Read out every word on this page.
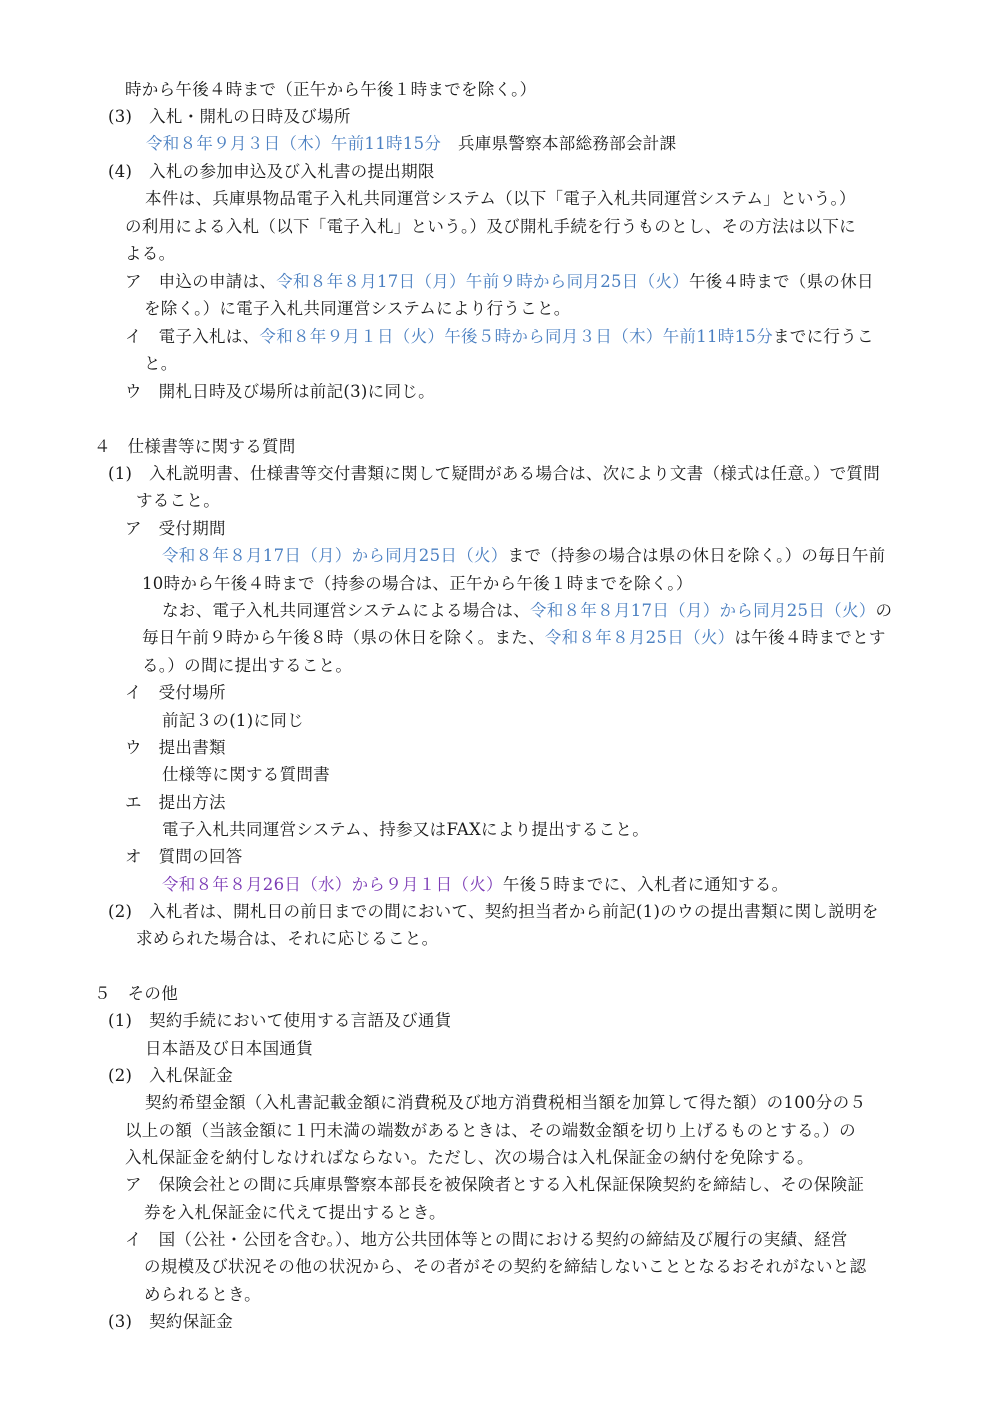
時から午後４時まで（正午から午後１時までを除く。）
(3)　入札・開札の日時及び場所
令和８年９月３日（木）午前11時15分　兵庫県警察本部総務部会計課
(4)　入札の参加申込及び入札書の提出期限
本件は、兵庫県物品電子入札共同運営システム（以下「電子入札共同運営システム」という。）
の利用による入札（以下「電子入札」という。）及び開札手続を行うものとし、その方法は以下に
よる。
ア　申込の申請は、令和８年８月17日（月）午前９時から同月25日（火）午後４時まで（県の休日
を除く。）に電子入札共同運営システムにより行うこと。
イ　電子入札は、令和８年９月１日（火）午後５時から同月３日（木）午前11時15分までに行うこ
と。
ウ　開札日時及び場所は前記(3)に同じ。
４　仕様書等に関する質問
(1)　入札説明書、仕様書等交付書類に関して疑問がある場合は、次により文書（様式は任意。）で質問
すること。
ア　受付期間
令和８年８月17日（月）から同月25日（火）まで（持参の場合は県の休日を除く。）の毎日午前
10時から午後４時まで（持参の場合は、正午から午後１時までを除く。）
なお、電子入札共同運営システムによる場合は、令和８年８月17日（月）から同月25日（火）の
毎日午前９時から午後８時（県の休日を除く。また、令和８年８月25日（火）は午後４時までとす
る。）の間に提出すること。
イ　受付場所
前記３の(1)に同じ
ウ　提出書類
仕様等に関する質問書
エ　提出方法
電子入札共同運営システム、持参又はFAXにより提出すること。
オ　質問の回答
令和８年８月26日（水）から９月１日（火）午後５時までに、入札者に通知する。
(2)　入札者は、開札日の前日までの間において、契約担当者から前記(1)のウの提出書類に関し説明を
求められた場合は、それに応じること。
５　その他
(1)　契約手続において使用する言語及び通貨
日本語及び日本国通貨
(2)　入札保証金
契約希望金額（入札書記載金額に消費税及び地方消費税相当額を加算して得た額）の100分の５
以上の額（当該金額に１円未満の端数があるときは、その端数金額を切り上げるものとする。）の
入札保証金を納付しなければならない。ただし、次の場合は入札保証金の納付を免除する。
ア　保険会社との間に兵庫県警察本部長を被保険者とする入札保証保険契約を締結し、その保険証
券を入札保証金に代えて提出するとき。
イ　国（公社・公団を含む。）、地方公共団体等との間における契約の締結及び履行の実績、経営
の規模及び状況その他の状況から、その者がその契約を締結しないこととなるおそれがないと認
められるとき。
(3)　契約保証金
